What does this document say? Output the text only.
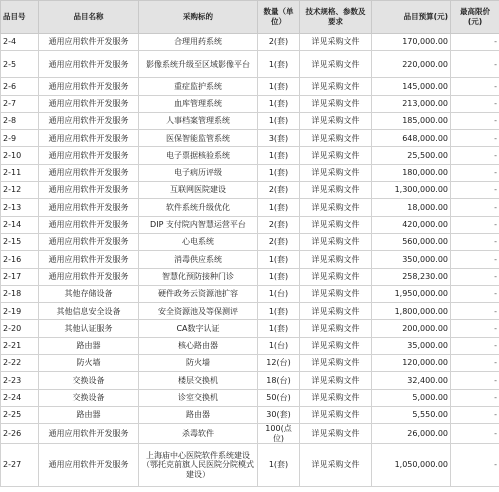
品目号	品目名称	采购标的	数量（单位）	技术规格、参数及要求	品目预算(元)	最高限价(元)
2-4	通用应用软件开发服务	合理用药系统	2(套)	详见采购文件	170,000.00	-
2-5	通用应用软件开发服务	影像系统升级至区域影像平台	1(套)	详见采购文件	220,000.00	-
2-6	通用应用软件开发服务	重症监护系统	1(套)	详见采购文件	145,000.00	-
2-7	通用应用软件开发服务	血库管理系统	1(套)	详见采购文件	213,000.00	-
2-8	通用应用软件开发服务	人事档案管理系统	1(套)	详见采购文件	185,000.00	-
2-9	通用应用软件开发服务	医保智能监管系统	3(套)	详见采购文件	648,000.00	-
2-10	通用应用软件开发服务	电子票据核验系统	1(套)	详见采购文件	25,500.00	-
2-11	通用应用软件开发服务	电子病历评级	1(套)	详见采购文件	180,000.00	-
2-12	通用应用软件开发服务	互联网医院建设	2(套)	详见采购文件	1,300,000.00	-
2-13	通用应用软件开发服务	软件系统升级优化	1(套)	详见采购文件	18,000.00	-
2-14	通用应用软件开发服务	DIP 支付院内智慧运营平台	2(套)	详见采购文件	420,000.00	-
2-15	通用应用软件开发服务	心电系统	2(套)	详见采购文件	560,000.00	-
2-16	通用应用软件开发服务	消毒供应系统	1(套)	详见采购文件	350,000.00	-
2-17	通用应用软件开发服务	智慧化预防接种门诊	1(套)	详见采购文件	258,230.00	-
2-18	其他存储设备	硬件政务云资源池扩容	1(台)	详见采购文件	1,950,000.00	-
2-19	其他信息安全设备	安全资源池及等保测评	1(套)	详见采购文件	1,800,000.00	-
2-20	其他认证服务	CA数字认证	1(套)	详见采购文件	200,000.00	-
2-21	路由器	核心路由器	1(台)	详见采购文件	35,000.00	-
2-22	防火墙	防火墙	12(台)	详见采购文件	120,000.00	-
2-23	交换设备	楼层交换机	18(台)	详见采购文件	32,400.00	-
2-24	交换设备	诊室交换机	50(台)	详见采购文件	5,000.00	-
2-25	路由器	路由器	30(套)	详见采购文件	5,550.00	-
2-26	通用应用软件开发服务	杀毒软件	100(点位)	详见采购文件	26,000.00	-
2-27	通用应用软件开发服务	上海庙中心医院软件系统建设（鄂托克前旗人民医院分院模式建设）	1(套)	详见采购文件	1,050,000.00	-
